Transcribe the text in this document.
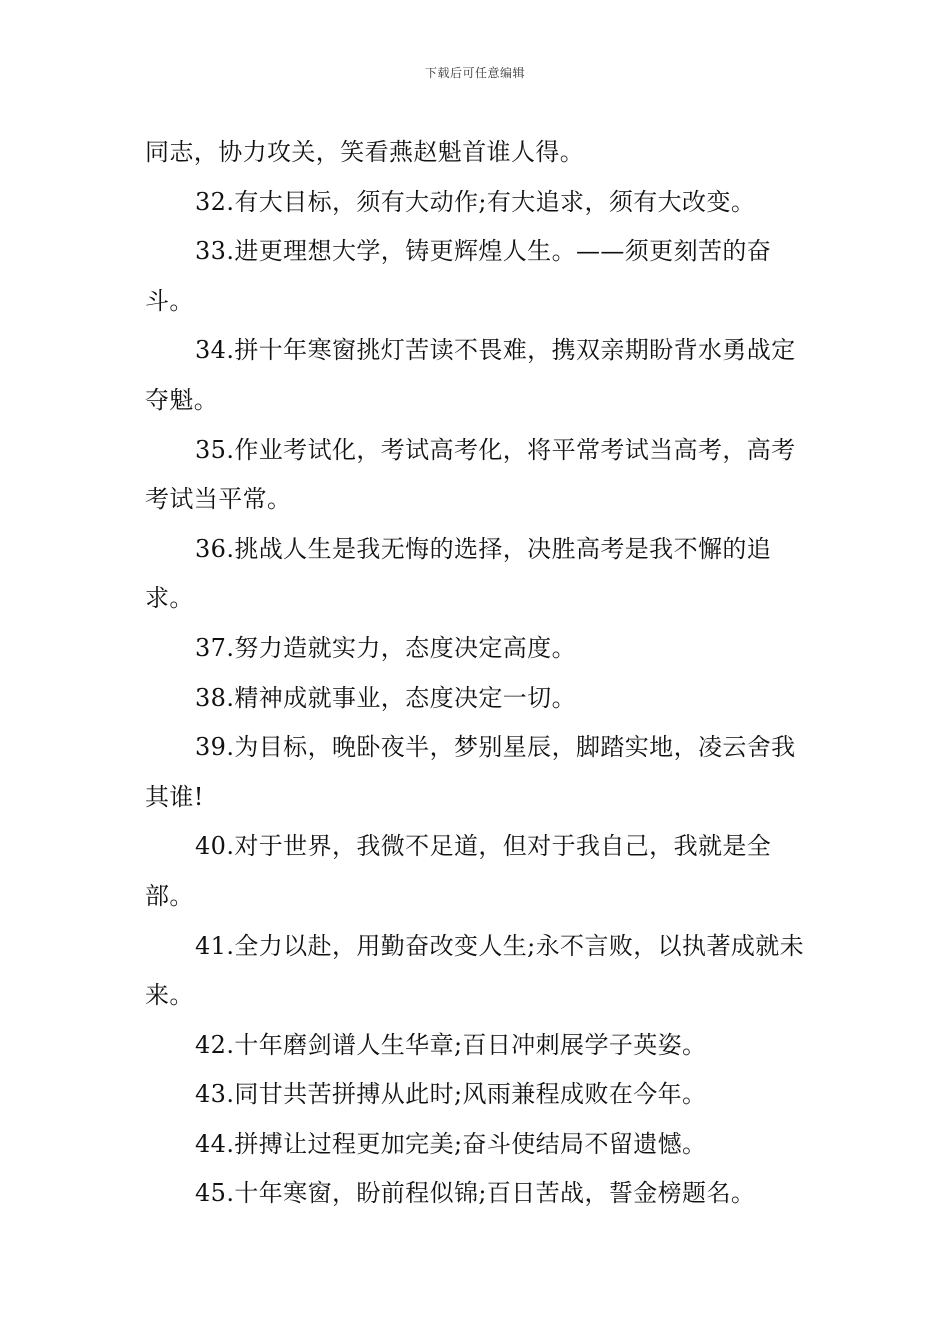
下载后可任意编辑

同志，协力攻关，笑看燕赵魁首谁人得。

32.有大目标，须有大动作;有大追求，须有大改变。

33.进更理想大学，铸更辉煌人生。——须更刻苦的奋斗。

34.拼十年寒窗挑灯苦读不畏难，携双亲期盼背水勇战定夺魁。

35.作业考试化，考试高考化，将平常考试当高考，高考考试当平常。

36.挑战人生是我无悔的选择，决胜高考是我不懈的追求。

37.努力造就实力，态度决定高度。

38.精神成就事业，态度决定一切。

39.为目标，晚卧夜半，梦别星辰，脚踏实地，凌云舍我其谁!

40.对于世界，我微不足道，但对于我自己，我就是全部。

41.全力以赴，用勤奋改变人生;永不言败，以执著成就未来。

42.十年磨剑谱人生华章;百日冲刺展学子英姿。

43.同甘共苦拼搏从此时;风雨兼程成败在今年。

44.拼搏让过程更加完美;奋斗使结局不留遗憾。

45.十年寒窗，盼前程似锦;百日苦战，誓金榜题名。
